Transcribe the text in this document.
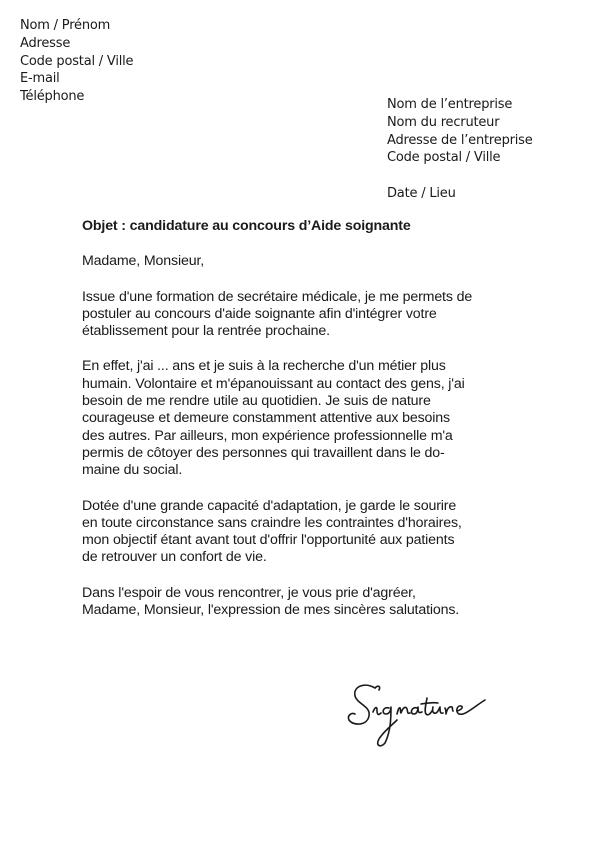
Nom / Prénom
Adresse
Code postal / Ville
E-mail
Téléphone
Nom de l’entreprise
Nom du recruteur
Adresse de l’entreprise
Code postal / Ville
Date / Lieu

Objet : candidature au concours d’Aide soignante

Madame, Monsieur,

Issue d'une formation de secrétaire médicale, je me permets de
postuler au concours d'aide soignante afin d'intégrer votre
établissement pour la rentrée prochaine.

En effet, j'ai ... ans et je suis à la recherche d'un métier plus
humain. Volontaire et m'épanouissant au contact des gens, j'ai
besoin de me rendre utile au quotidien. Je suis de nature
courageuse et demeure constamment attentive aux besoins
des autres. Par ailleurs, mon expérience professionnelle m'a
permis de côtoyer des personnes qui travaillent dans le do-
maine du social.

Dotée d'une grande capacité d'adaptation, je garde le sourire
en toute circonstance sans craindre les contraintes d'horaires,
mon objectif étant avant tout d'offrir l'opportunité aux patients
de retrouver un confort de vie.

Dans l'espoir de vous rencontrer, je vous prie d'agréer,
Madame, Monsieur, l'expression de mes sincères salutations.
